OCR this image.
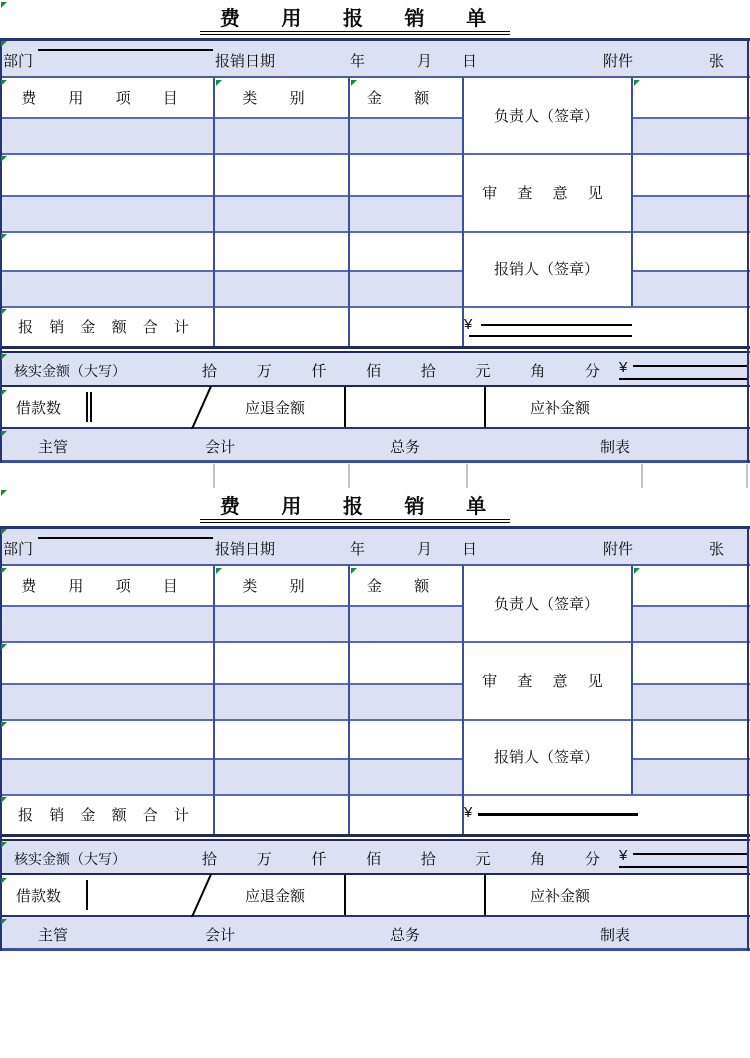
费 用 报 销 单
部门	报销日期	年	月 日	附件	张
费 用 项 目	类 别	金 额
负责人（签章）
审 查 意 见
报销人（签章）
报 销 金 额 合 计	¥
核实金额（大写）	拾	万	仟	佰	拾	元	角	分 ¥
借款数	应退金额	应补金额
主管	会计	总务	制表
费 用 报 销 单
部门	报销日期	年	月 日	附件	张
费 用 项 目	类 别	金 额
负责人（签章）
审 查 意 见
报销人（签章）
报 销 金 额 合 计	¥
核实金额（大写）	拾	万	仟	佰	拾	元	角	分 ¥
借款数	应退金额	应补金额
主管	会计	总务	制表
